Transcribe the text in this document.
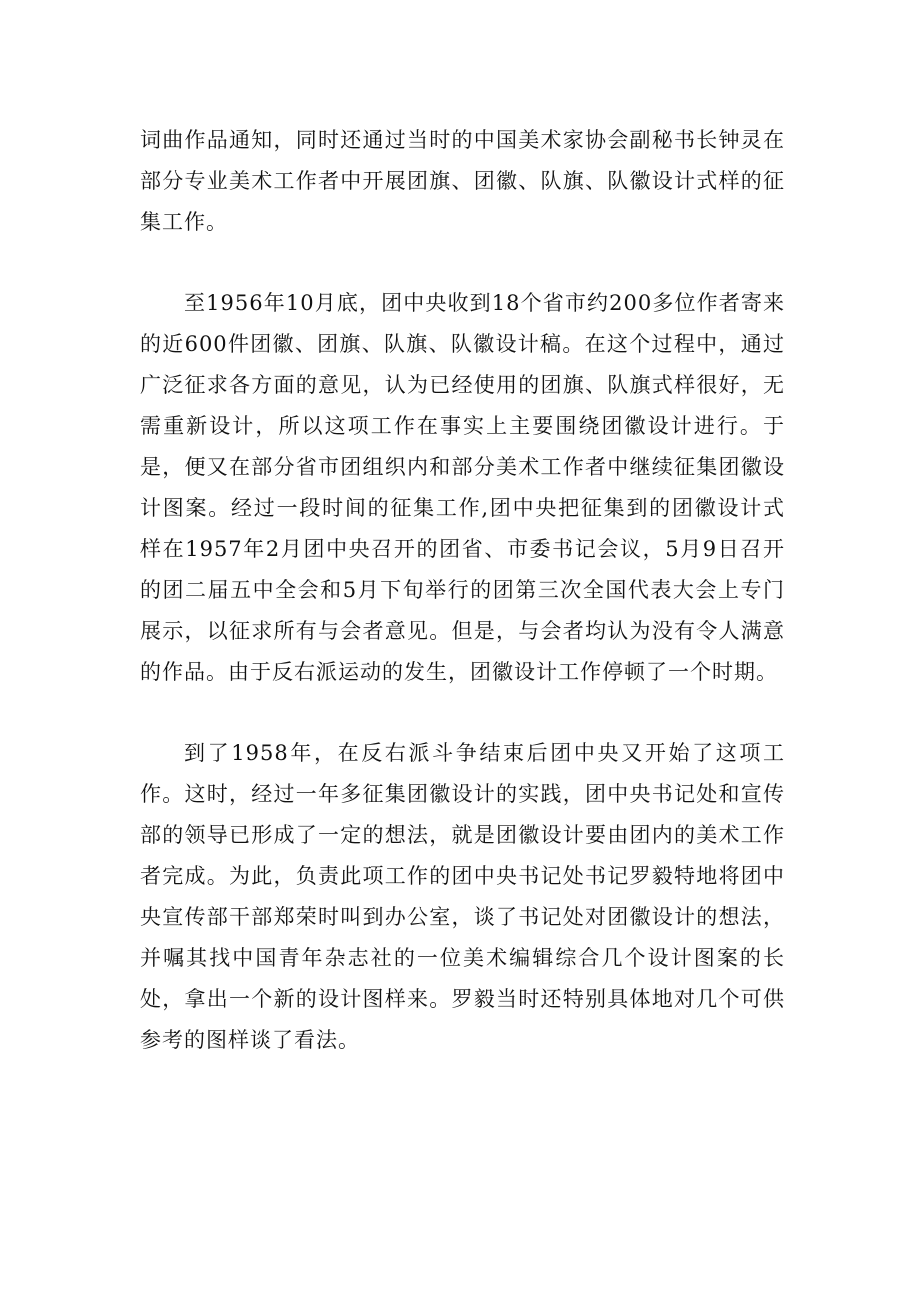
词曲作品通知，同时还通过当时的中国美术家协会副秘书长钟灵在部分专业美术工作者中开展团旗、团徽、队旗、队徽设计式样的征集工作。

至1956年10月底，团中央收到18个省市约200多位作者寄来的近600件团徽、团旗、队旗、队徽设计稿。在这个过程中，通过广泛征求各方面的意见，认为已经使用的团旗、队旗式样很好，无需重新设计，所以这项工作在事实上主要围绕团徽设计进行。于是，便又在部分省市团组织内和部分美术工作者中继续征集团徽设计图案。经过一段时间的征集工作,团中央把征集到的团徽设计式样在1957年2月团中央召开的团省、市委书记会议，5月9日召开的团二届五中全会和5月下旬举行的团第三次全国代表大会上专门展示，以征求所有与会者意见。但是，与会者均认为没有令人满意的作品。由于反右派运动的发生，团徽设计工作停顿了一个时期。

到了1958年，在反右派斗争结束后团中央又开始了这项工作。这时，经过一年多征集团徽设计的实践，团中央书记处和宣传部的领导已形成了一定的想法，就是团徽设计要由团内的美术工作者完成。为此，负责此项工作的团中央书记处书记罗毅特地将团中央宣传部干部郑荣时叫到办公室，谈了书记处对团徽设计的想法，并嘱其找中国青年杂志社的一位美术编辑综合几个设计图案的长处，拿出一个新的设计图样来。罗毅当时还特别具体地对几个可供参考的图样谈了看法。
